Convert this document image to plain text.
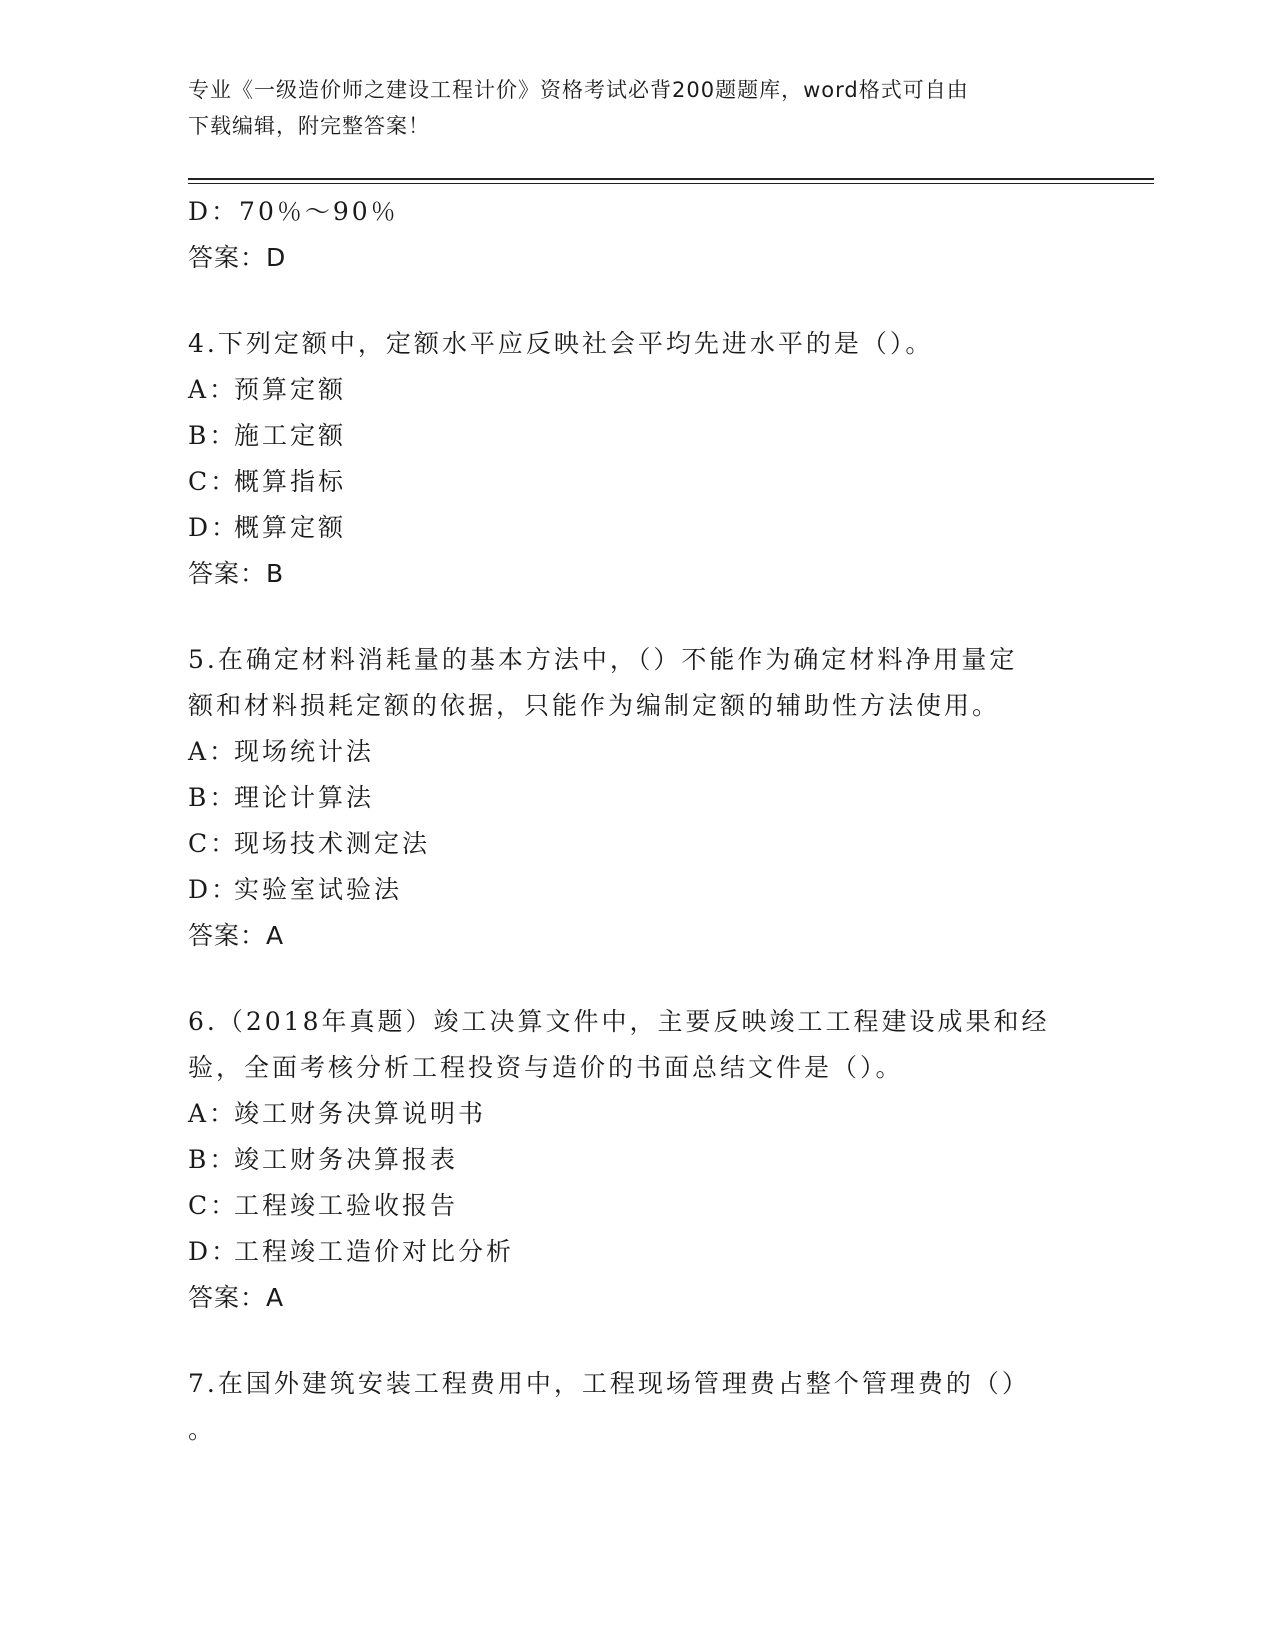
专业《一级造价师之建设工程计价》资格考试必背200题题库，word格式可自由
下载编辑，附完整答案！
D：70％～90％
答案：D
4.下列定额中，定额水平应反映社会平均先进水平的是（）。
A：预算定额
B：施工定额
C：概算指标
D：概算定额
答案：B
5.在确定材料消耗量的基本方法中，（）不能作为确定材料净用量定
额和材料损耗定额的依据，只能作为编制定额的辅助性方法使用。
A：现场统计法
B：理论计算法
C：现场技术测定法
D：实验室试验法
答案：A
6.（2018年真题）竣工决算文件中，主要反映竣工工程建设成果和经
验，全面考核分析工程投资与造价的书面总结文件是（）。
A：竣工财务决算说明书
B：竣工财务决算报表
C：工程竣工验收报告
D：工程竣工造价对比分析
答案：A
7.在国外建筑安装工程费用中，工程现场管理费占整个管理费的（）
。
